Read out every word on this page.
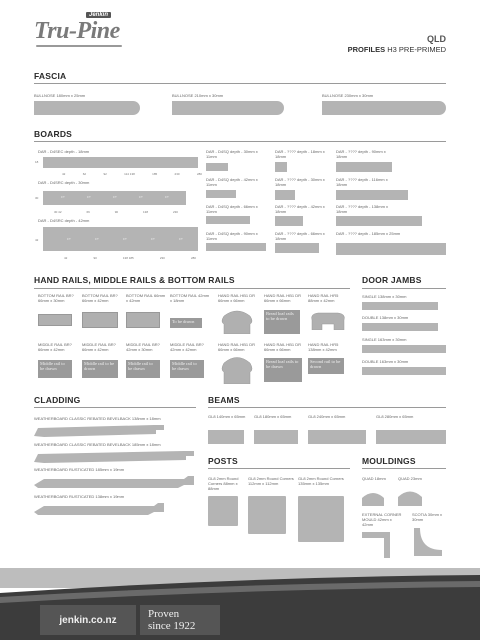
Jenkin
Tru-Pine	QLD
PROFILES H3 PRE-PRIMED
FASCIA
BULLNOSE 180mm x 25mm	BULLNOSE 210mm x 30mm	BULLNOSE 230mm x 30mm
BOARDS
DAR - D4SEC depth - 18mm
18
42	62	92	114 138	185	230	280
DAR - D4SRC depth - 30mm
30	FT	FT	FT	FT	FT
30 42	66	90	138	230
DAR - D4SRC depth - 42mm
42	FT	FT	FT	FT	FT
42	90	138 185	230	280
DAR - D4SQ depth - 30mm x 11mm
DAR - D4SQ depth - 42mm x 11mm
DAR - D4SQ depth - 66mm x 11mm
DAR - D4SQ depth - 90mm x 11mm
DAR - ???? depth - 18mm x 18mm
DAR - ???? depth - 30mm x 18mm
DAR - ???? depth - 42mm x 18mm
DAR - ???? depth - 66mm x 18mm
DAR - ???? depth - 90mm x 18mm
DAR - ???? depth - 116mm x 18mm
DAR - ???? depth - 138mm x 18mm
DAR - ???? depth - 185mm x 25mm
HAND RAILS, MIDDLE RAILS & BOTTOM RAILS
BOTTOM RAIL BR? 66mm x 30mm
BOTTOM RAIL BR? 66mm x 42mm
BOTTOM RAIL 66mm x 42mm
BOTTOM RAIL 42mm x 18mm
To be drawn
MIDDLE RAIL BR? 66mm x 42mm
Middle rail to be drawn
MIDDLE RAIL BR? 66mm x 42mm
Middle rail to be drawn
MIDDLE RAIL BR? 42mm x 30mm
Middle rail to be drawn
MIDDLE RAIL BR? 42mm x 42mm
Middle rail to be drawn
HAND RAIL HB1 DR 66mm x 66mm
HAND RAIL HB1 DR 66mm x 66mm
Bread loaf rails to be drawn
HAND RAIL HR5 88mm x 42mm
HAND RAIL HB1 DR 66mm x 66mm
HAND RAIL HB1 DR 66mm x 66mm
Bread loaf rails to be drawn
HAND RAIL HR5 138mm x 42mm
Second rail to be drawn
DOOR JAMBS
SINGLE 138mm x 30mm
DOUBLE 138mm x 30mm
SINGLE 163mm x 30mm
DOUBLE 163mm x 30mm
CLADDING
WEATHERBOARD CLASSIC REBATED BEVELBACK 138mm x 18mm
WEATHERBOARD CLASSIC REBATED BEVELBACK 185mm x 18mm
WEATHERBOARD RUSTICATED 185mm x 19mm
WEATHERBOARD RUSTICATED 138mm x 19mm
BEAMS
GL8 140mm x 65mm	GL8 180mm x 65mm	GL8 240mm x 65mm	GL8 280mm x 65mm
POSTS
GL8 2mm Round Corners 88mm x 88mm
GL8 2mm Round Corners 112mm x 112mm
GL8 2mm Round Corners 135mm x 135mm
MOULDINGS
QUAD 18mm	QUAD 23mm
EXTERNAL CORNER MOULD 42mm x 42mm
SCOTIA 30mm x 30mm
jenkin.co.nz	Proven
since 1922
